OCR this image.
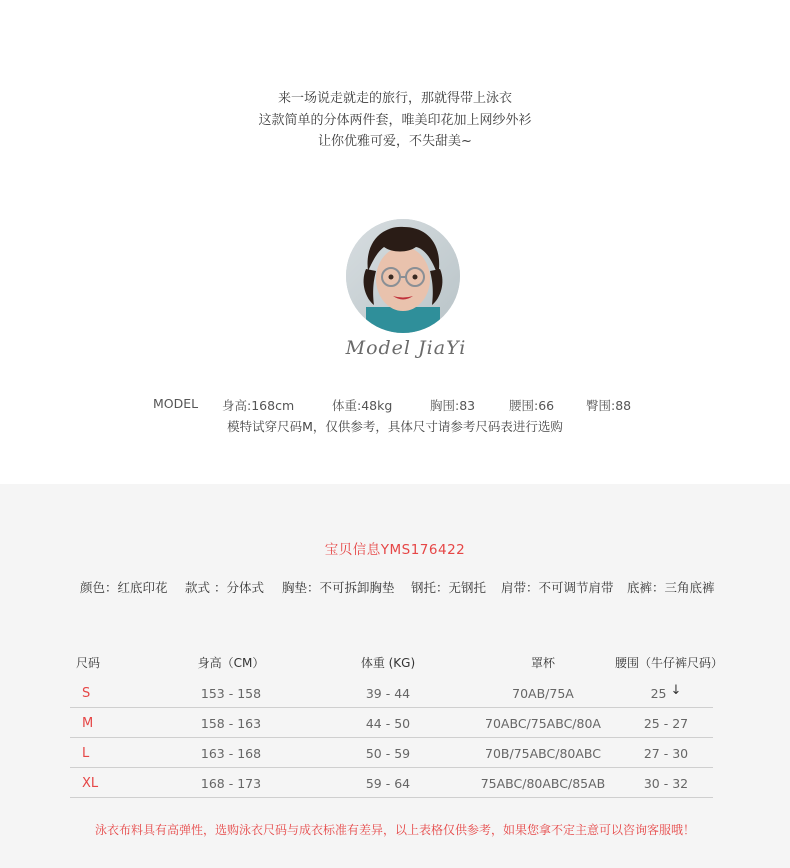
来一场说走就走的旅行，那就得带上泳衣
这款简单的分体两件套，唯美印花加上网纱外衫
让你优雅可爱，不失甜美~
Model JiaYi
MODEL 身高:168cm	体重:48kg	胸围:83	腰围:66	臀围:88
模特试穿尺码M，仅供参考，具体尺寸请参考尺码表进行选购
宝贝信息YMS176422
颜色：红底印花 款式 ：分体式 胸垫：不可拆卸胸垫 钢托：无钢托 肩带：不可调节肩带 底裤：三角底裤
尺码	身高（CM）	体重 (KG)	罩杯	腰围（牛仔裤尺码）
S	153 - 158	39 - 44	70AB/75A	25 ↓
M	158 - 163	44 - 50	70ABC/75ABC/80A	25 - 27
L	163 - 168	50 - 59	70B/75ABC/80ABC	27 - 30
XL	168 - 173	59 - 64	75ABC/80ABC/85AB	30 - 32
泳衣布料具有高弹性，选购泳衣尺码与成衣标准有差异，以上表格仅供参考，如果您拿不定主意可以咨询客服哦！
